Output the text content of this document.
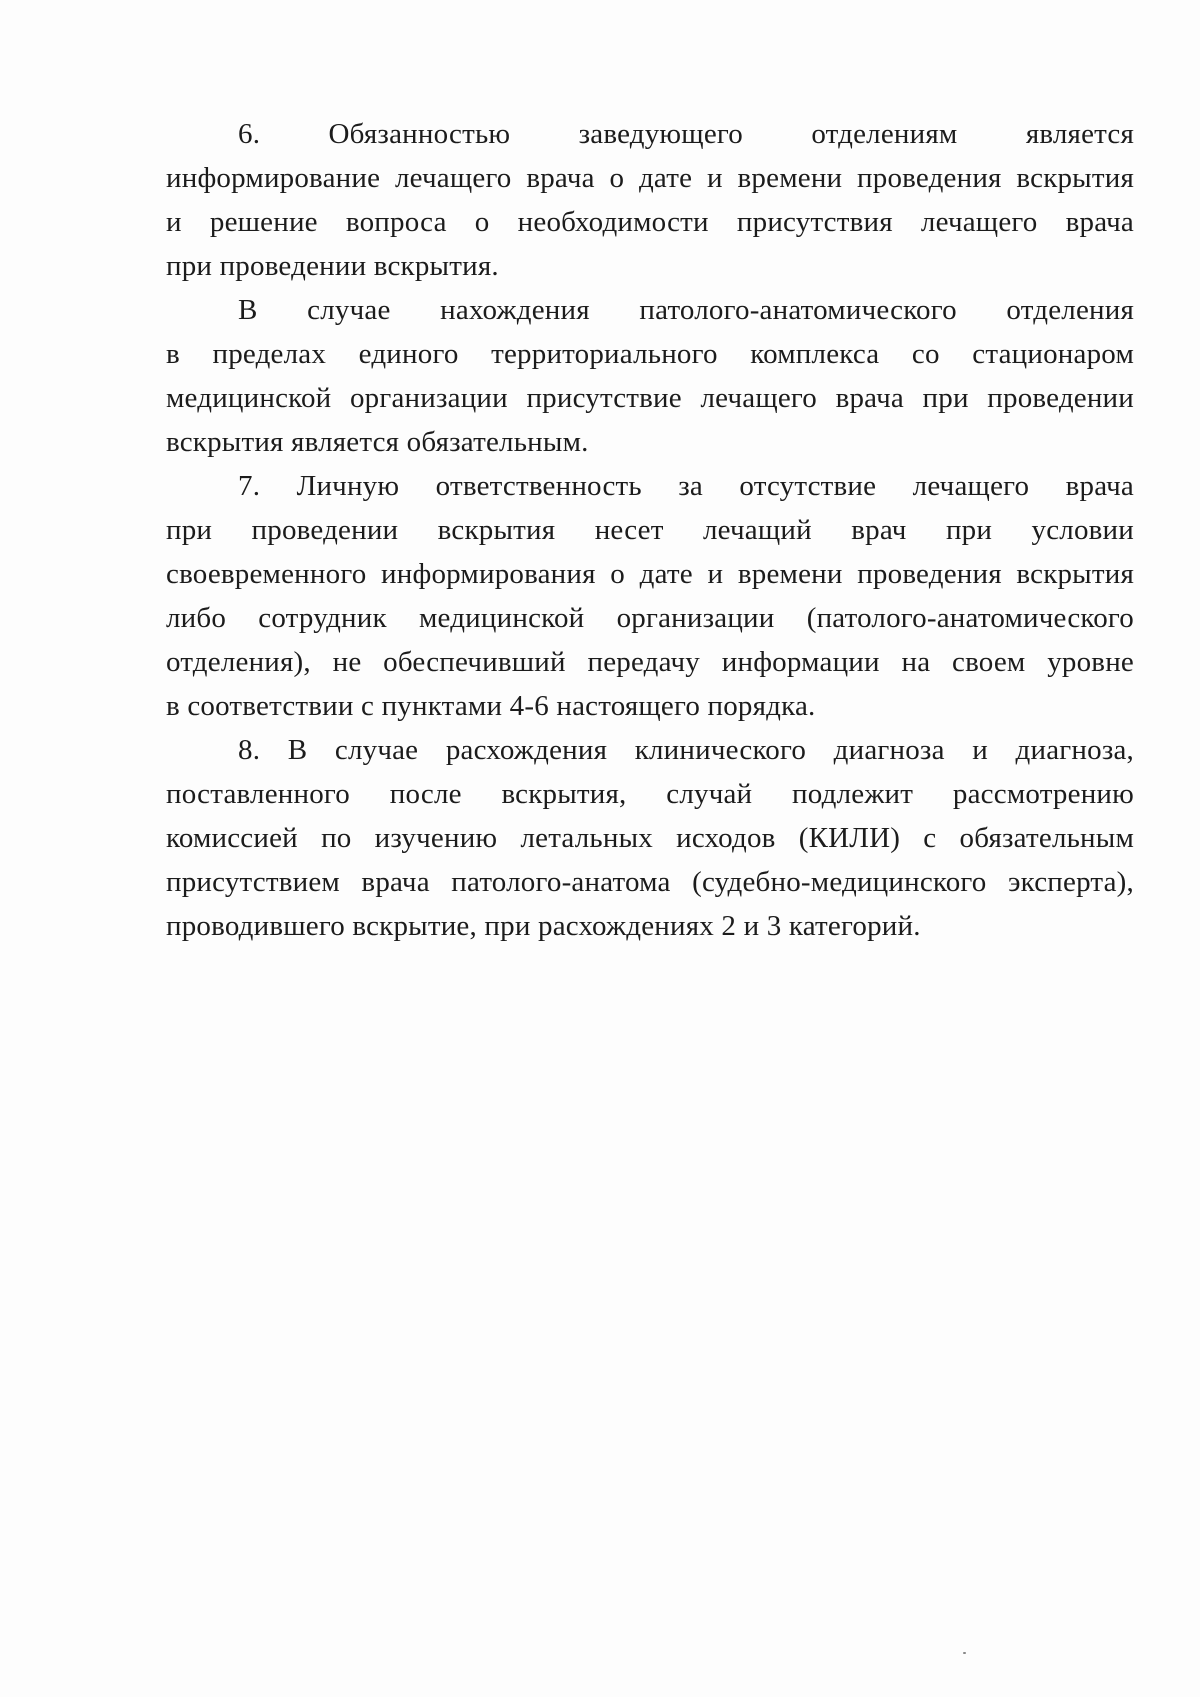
6. Обязанностью заведующего отделениям является
информирование лечащего врача о дате и времени проведения вскрытия
и решение вопроса о необходимости присутствия лечащего врача
при проведении вскрытия.
В случае нахождения патолого-анатомического отделения
в пределах единого территориального комплекса со стационаром
медицинской организации присутствие лечащего врача при проведении
вскрытия является обязательным.
7. Личную ответственность за отсутствие лечащего врача
при проведении вскрытия несет лечащий врач при условии
своевременного информирования о дате и времени проведения вскрытия
либо сотрудник медицинской организации (патолого-анатомического
отделения), не обеспечивший передачу информации на своем уровне
в соответствии с пунктами 4-6 настоящего порядка.
8. В случае расхождения клинического диагноза и диагноза,
поставленного после вскрытия, случай подлежит рассмотрению
комиссией по изучению летальных исходов (КИЛИ) с обязательным
присутствием врача патолого-анатома (судебно-медицинского эксперта),
проводившего вскрытие, при расхождениях 2 и 3 категорий.
